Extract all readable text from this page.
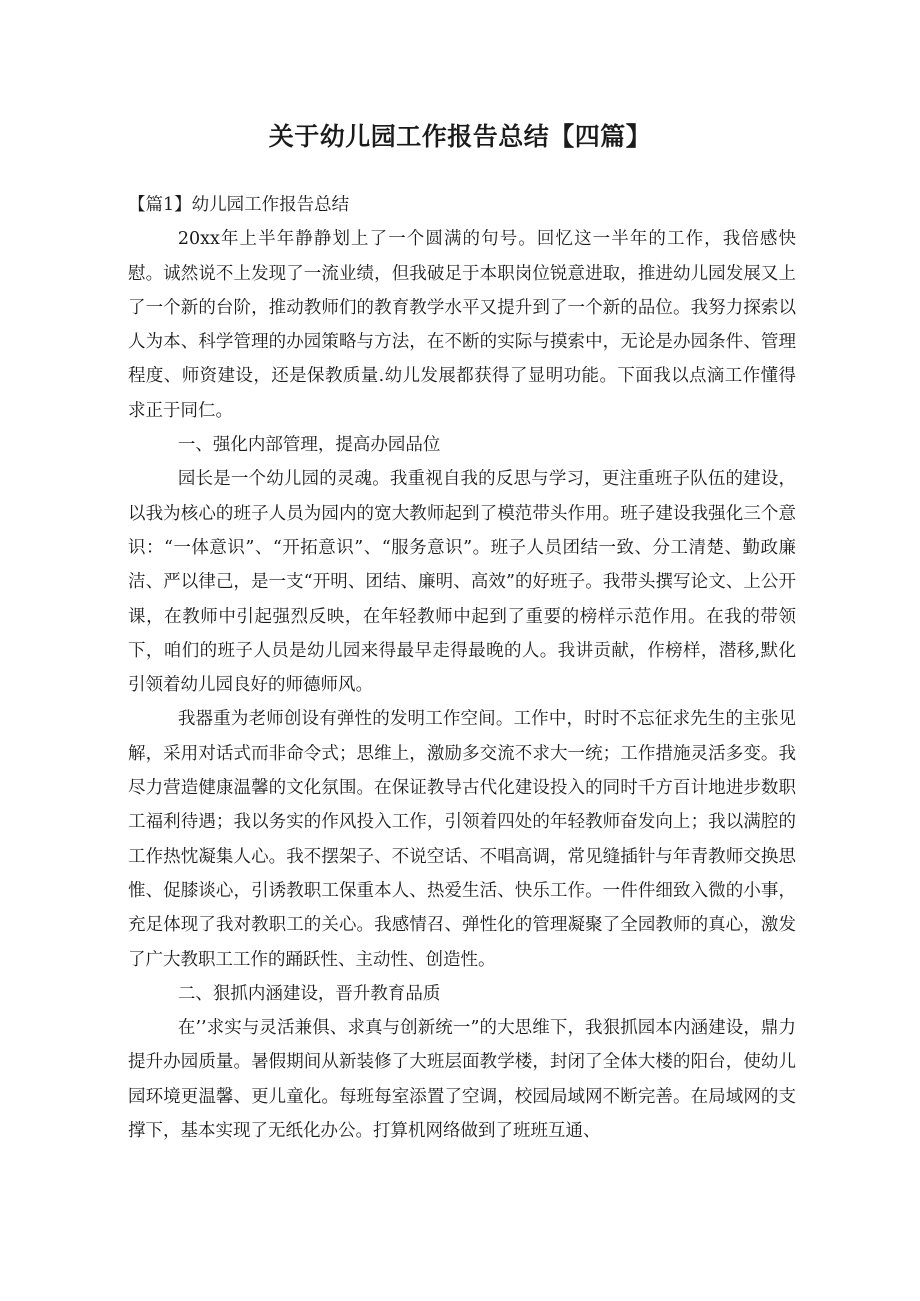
关于幼儿园工作报告总结【四篇】

【篇1】幼儿园工作报告总结

20xx年上半年静静划上了一个圆满的句号。回忆这一半年的工作，我倍感快慰。诚然说不上发现了一流业绩，但我破足于本职岗位锐意进取，推进幼儿园发展又上了一个新的台阶，推动教师们的教育教学水平又提升到了一个新的品位。我努力探索以人为本、科学管理的办园策略与方法，在不断的实际与摸索中，无论是办园条件、管理程度、师资建设，还是保教质量.幼儿发展都获得了显明功能。下面我以点滴工作懂得求正于同仁。

一、强化内部管理，提高办园品位

园长是一个幼儿园的灵魂。我重视自我的反思与学习，更注重班子队伍的建设，以我为核心的班子人员为园内的宽大教师起到了模范带头作用。班子建设我强化三个意识：“一体意识”、“开拓意识”、“服务意识”。班子人员团结一致、分工清楚、勤政廉洁、严以律己，是一支“开明、团结、廉明、高效”的好班子。我带头撰写论文、上公开课，在教师中引起强烈反映，在年轻教师中起到了重要的榜样示范作用。在我的带领下，咱们的班子人员是幼儿园来得最早走得最晚的人。我讲贡献，作榜样，潜移,默化引领着幼儿园良好的师德师风。

我器重为老师创设有弹性的发明工作空间。工作中，时时不忘征求先生的主张见解，采用对话式而非命令式；思维上，激励多交流不求大一统；工作措施灵活多变。我尽力营造健康温馨的文化氛围。在保证教导古代化建设投入的同时千方百计地进步数职工福利待遇；我以务实的作风投入工作，引领着四处的年轻教师奋发向上；我以满腔的工作热忱凝集人心。我不摆架子、不说空话、不唱高调，常见缝插针与年青教师交换思惟、促膝谈心，引诱教职工保重本人、热爱生活、快乐工作。一件件细致入微的小事，充足体现了我对教职工的关心。我感情召、弹性化的管理凝聚了全园教师的真心，激发了广大教职工工作的踊跃性、主动性、创造性。

二、狠抓内涵建设，晋升教育品质

在’’求实与灵活兼俱、求真与创新统一”的大思维下，我狠抓园本内涵建设，鼎力提升办园质量。暑假期间从新装修了大班层面教学楼，封闭了全体大楼的阳台，使幼儿园环境更温馨、更儿童化。每班每室添置了空调，校园局域网不断完善。在局域网的支撑下，基本实现了无纸化办公。打算机网络做到了班班互通、
